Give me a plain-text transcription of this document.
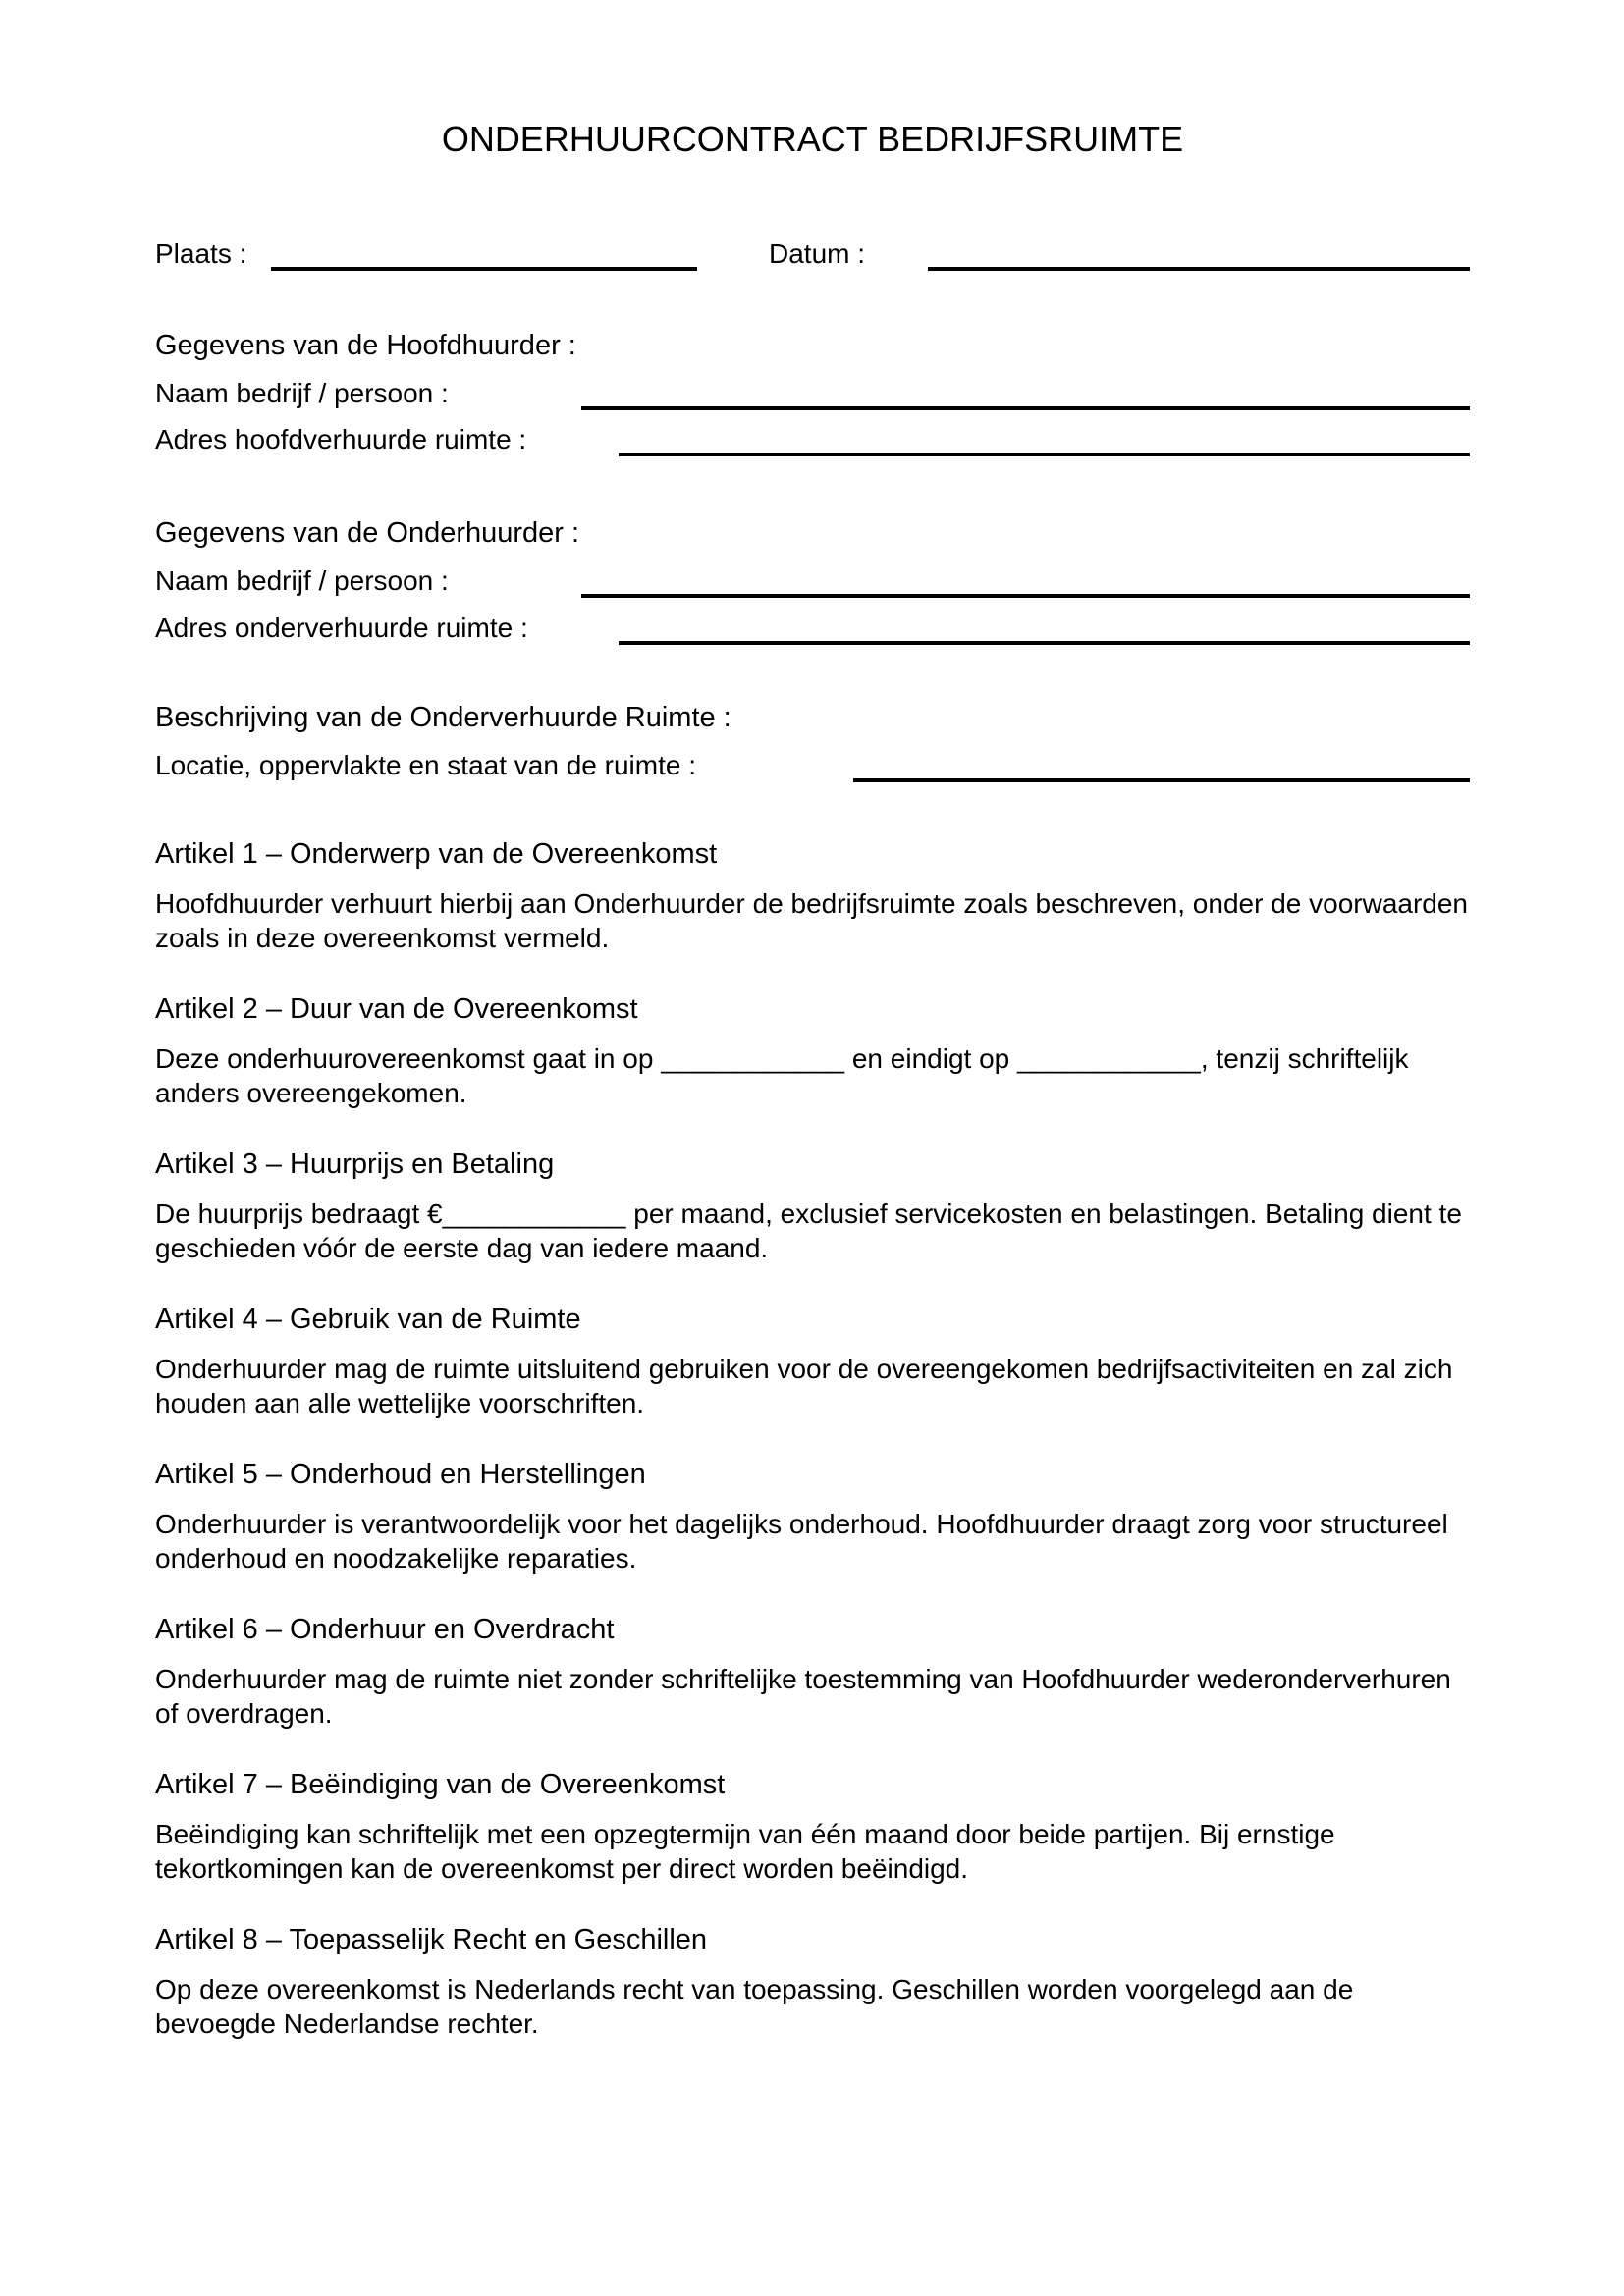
ONDERHUURCONTRACT BEDRIJFSRUIMTE
Plaats :	Datum :
Gegevens van de Hoofdhuurder :
Naam bedrijf / persoon :
Adres hoofdverhuurde ruimte :
Gegevens van de Onderhuurder :
Naam bedrijf / persoon :
Adres onderverhuurde ruimte :
Beschrijving van de Onderverhuurde Ruimte :
Locatie, oppervlakte en staat van de ruimte :
Artikel 1 – Onderwerp van de Overeenkomst
Hoofdhuurder verhuurt hierbij aan Onderhuurder de bedrijfsruimte zoals beschreven, onder de voorwaarden zoals in deze overeenkomst vermeld.
Artikel 2 – Duur van de Overeenkomst
Deze onderhuurovereenkomst gaat in op ____________ en eindigt op ____________, tenzij schriftelijk anders overeengekomen.
Artikel 3 – Huurprijs en Betaling
De huurprijs bedraagt €____________ per maand, exclusief servicekosten en belastingen. Betaling dient te geschieden vóór de eerste dag van iedere maand.
Artikel 4 – Gebruik van de Ruimte
Onderhuurder mag de ruimte uitsluitend gebruiken voor de overeengekomen bedrijfsactiviteiten en zal zich houden aan alle wettelijke voorschriften.
Artikel 5 – Onderhoud en Herstellingen
Onderhuurder is verantwoordelijk voor het dagelijks onderhoud. Hoofdhuurder draagt zorg voor structureel onderhoud en noodzakelijke reparaties.
Artikel 6 – Onderhuur en Overdracht
Onderhuurder mag de ruimte niet zonder schriftelijke toestemming van Hoofdhuurder wederonderverhuren of overdragen.
Artikel 7 – Beëindiging van de Overeenkomst
Beëindiging kan schriftelijk met een opzegtermijn van één maand door beide partijen. Bij ernstige tekortkomingen kan de overeenkomst per direct worden beëindigd.
Artikel 8 – Toepasselijk Recht en Geschillen
Op deze overeenkomst is Nederlands recht van toepassing. Geschillen worden voorgelegd aan de bevoegde Nederlandse rechter.
